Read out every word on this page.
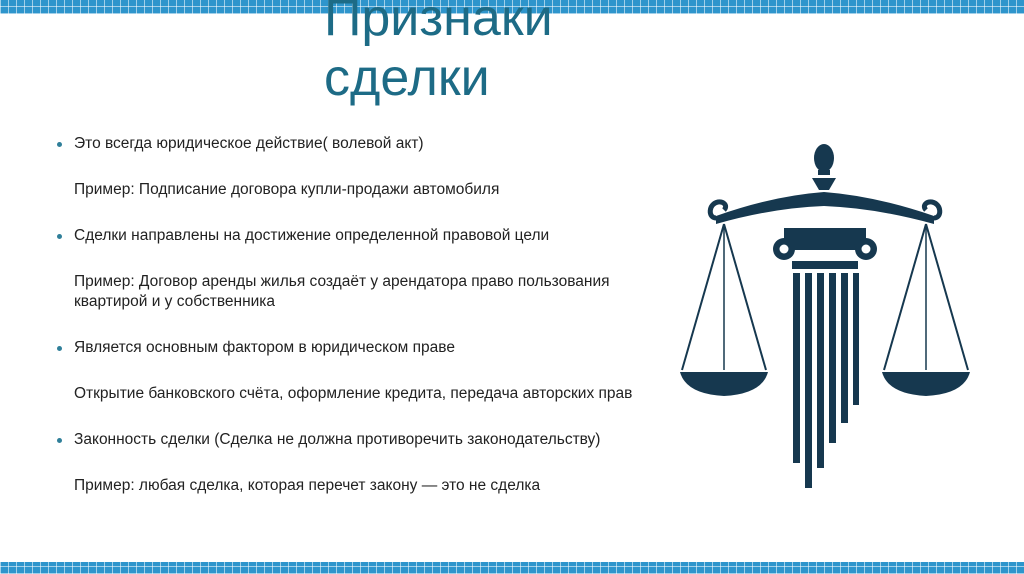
Признаки
сделки
Это всегда юридическое действие( волевой акт)
Пример: Подписание договора купли-продажи автомобиля
Сделки направлены на достижение определенной правовой цели
Пример: Договор аренды жилья создаёт у арендатора право пользования квартирой и у собственника
Является основным фактором в юридическом праве
Открытие банковского счёта, оформление кредита, передача авторских прав
Законность сделки (Сделка не должна противоречить законодательству)
Пример: любая сделка, которая перечет закону — это не сделка
